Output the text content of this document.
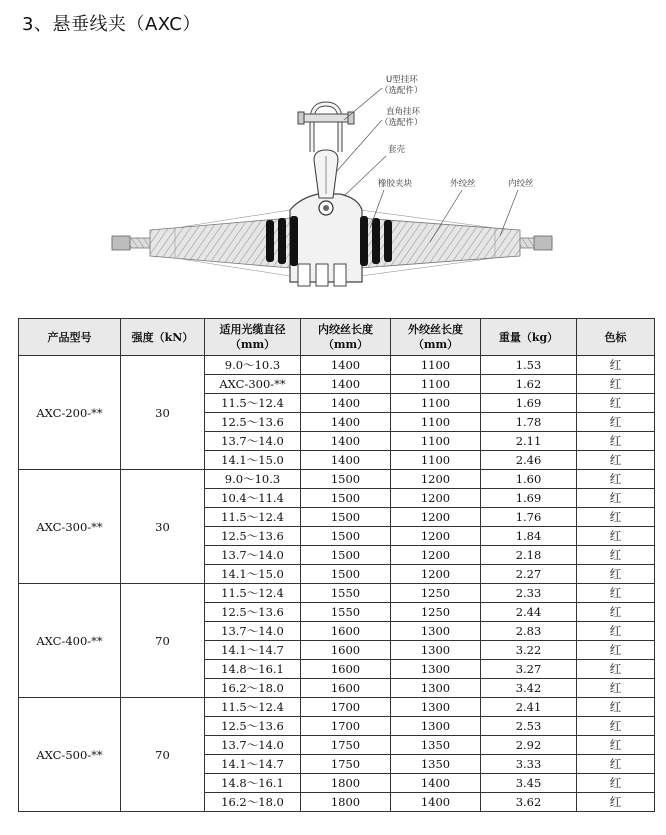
3、悬垂线夹（AXC）
U型挂环
（选配件）
直角挂环
（选配件）
套壳
橡胶夹块	外绞丝	内绞丝
产品型号	强度（kN）	适用光缆直径（mm）	内绞丝长度（mm）	外绞丝长度（mm）	重量（kg）	色标
AXC-200-**	30	9.0～10.3	1400	1100	1.53	红
		AXC-300-**	1400	1100	1.62	红
		11.5～12.4	1400	1100	1.69	红
		12.5～13.6	1400	1100	1.78	红
		13.7～14.0	1400	1100	2.11	红
		14.1～15.0	1400	1100	2.46	红
AXC-300-**	30	9.0～10.3	1500	1200	1.60	红
		10.4～11.4	1500	1200	1.69	红
		11.5～12.4	1500	1200	1.76	红
		12.5～13.6	1500	1200	1.84	红
		13.7～14.0	1500	1200	2.18	红
		14.1～15.0	1500	1200	2.27	红
AXC-400-**	70	11.5～12.4	1550	1250	2.33	红
		12.5～13.6	1550	1250	2.44	红
		13.7～14.0	1600	1300	2.83	红
		14.1～14.7	1600	1300	3.22	红
		14.8～16.1	1600	1300	3.27	红
		16.2～18.0	1600	1300	3.42	红
AXC-500-**	70	11.5～12.4	1700	1300	2.41	红
		12.5～13.6	1700	1300	2.53	红
		13.7～14.0	1750	1350	2.92	红
		14.1～14.7	1750	1350	3.33	红
		14.8～16.1	1800	1400	3.45	红
		16.2～18.0	1800	1400	3.62	红
